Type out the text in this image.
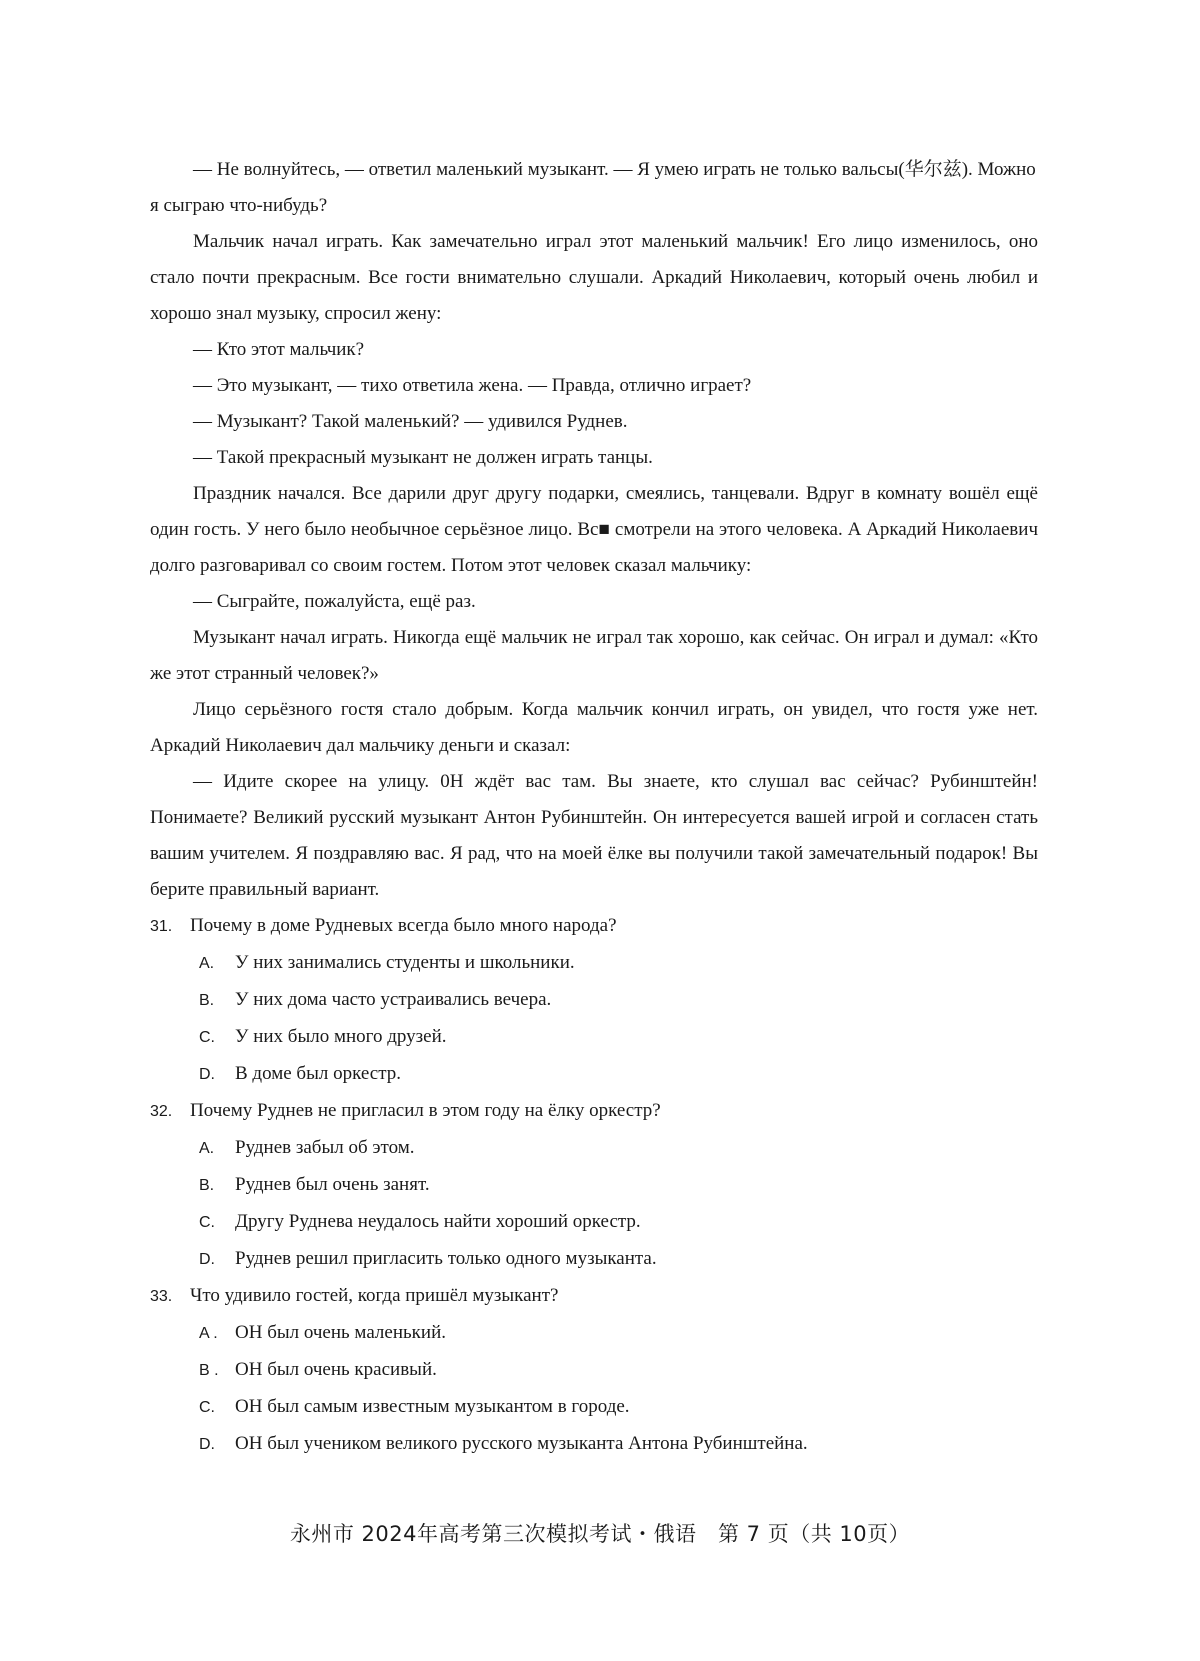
— Не волнуйтесь, — ответил маленький музыкант. — Я умею играть не только вальсы(华尔兹). Можно я сыграю что-нибудь?

Мальчик начал играть. Как замечательно играл этот маленький мальчик! Его лицо изменилось, оно стало почти прекрасным. Все гости внимательно слушали. Аркадий Николаевич, который очень любил и хорошо знал музыку, спросил жену:

— Кто этот мальчик?

— Это музыкант, — тихо ответила жена. — Правда, отлично играет?

— Музыкант? Такой маленький? — удивился Руднев.

— Такой прекрасный музыкант не должен играть танцы.

Праздник начался. Все дарили друг другу подарки, смеялись, танцевали. Вдруг в комнату вошёл ещё один гость. У него было необычное серьёзное лицо. Вс■ смотрели на этого человека. А Аркадий Николаевич долго разговаривал со своим гостем. Потом этот человек сказал мальчику:

— Сыграйте, пожалуйста, ещё раз.

Музыкант начал играть. Никогда ещё мальчик не играл так хорошо, как сейчас. Он играл и думал: «Кто же этот странный человек?»

Лицо серьёзного гостя стало добрым. Когда мальчик кончил играть, он увидел, что гостя уже нет. Аркадий Николаевич дал мальчику деньги и сказал:

— Идите скорее на улицу. 0Н ждёт вас там. Вы знаете, кто слушал вас сейчас? Рубинштейн! Понимаете? Великий русский музыкант Антон Рубинштейн. Он интересуется вашей игрой и согласен стать вашим учителем. Я поздравляю вас. Я рад, что на моей ёлке вы получили такой замечательный подарок! Вы берите правильный вариант.

31. Почему в доме Рудневых всегда было много народа?

A.	У них занимались студенты и школьники.

B.	У них дома часто устраивались вечера.

C.	У них было много друзей.

D.	В доме был оркестр.

32. Почему Руднев не пригласил в этом году на ёлку оркестр?

A.	Руднев забыл об этом.

B.	Руднев был очень занят.

C.	Другу Руднева неудалось найти хороший оркестр.

D.	Руднев решил пригласить только одного музыканта.

33. Что удивило гостей, когда пришёл музыкант?

A . ОН был очень маленький.

B . ОН был очень красивый.

C.	ОН был самым известным музыкантом в городе.

D.	ОН был учеником великого русского музыканта Антона Рубинштейна.

永州市 2024年高考第三次模拟考试・俄语　第 7 页（共 10页）
